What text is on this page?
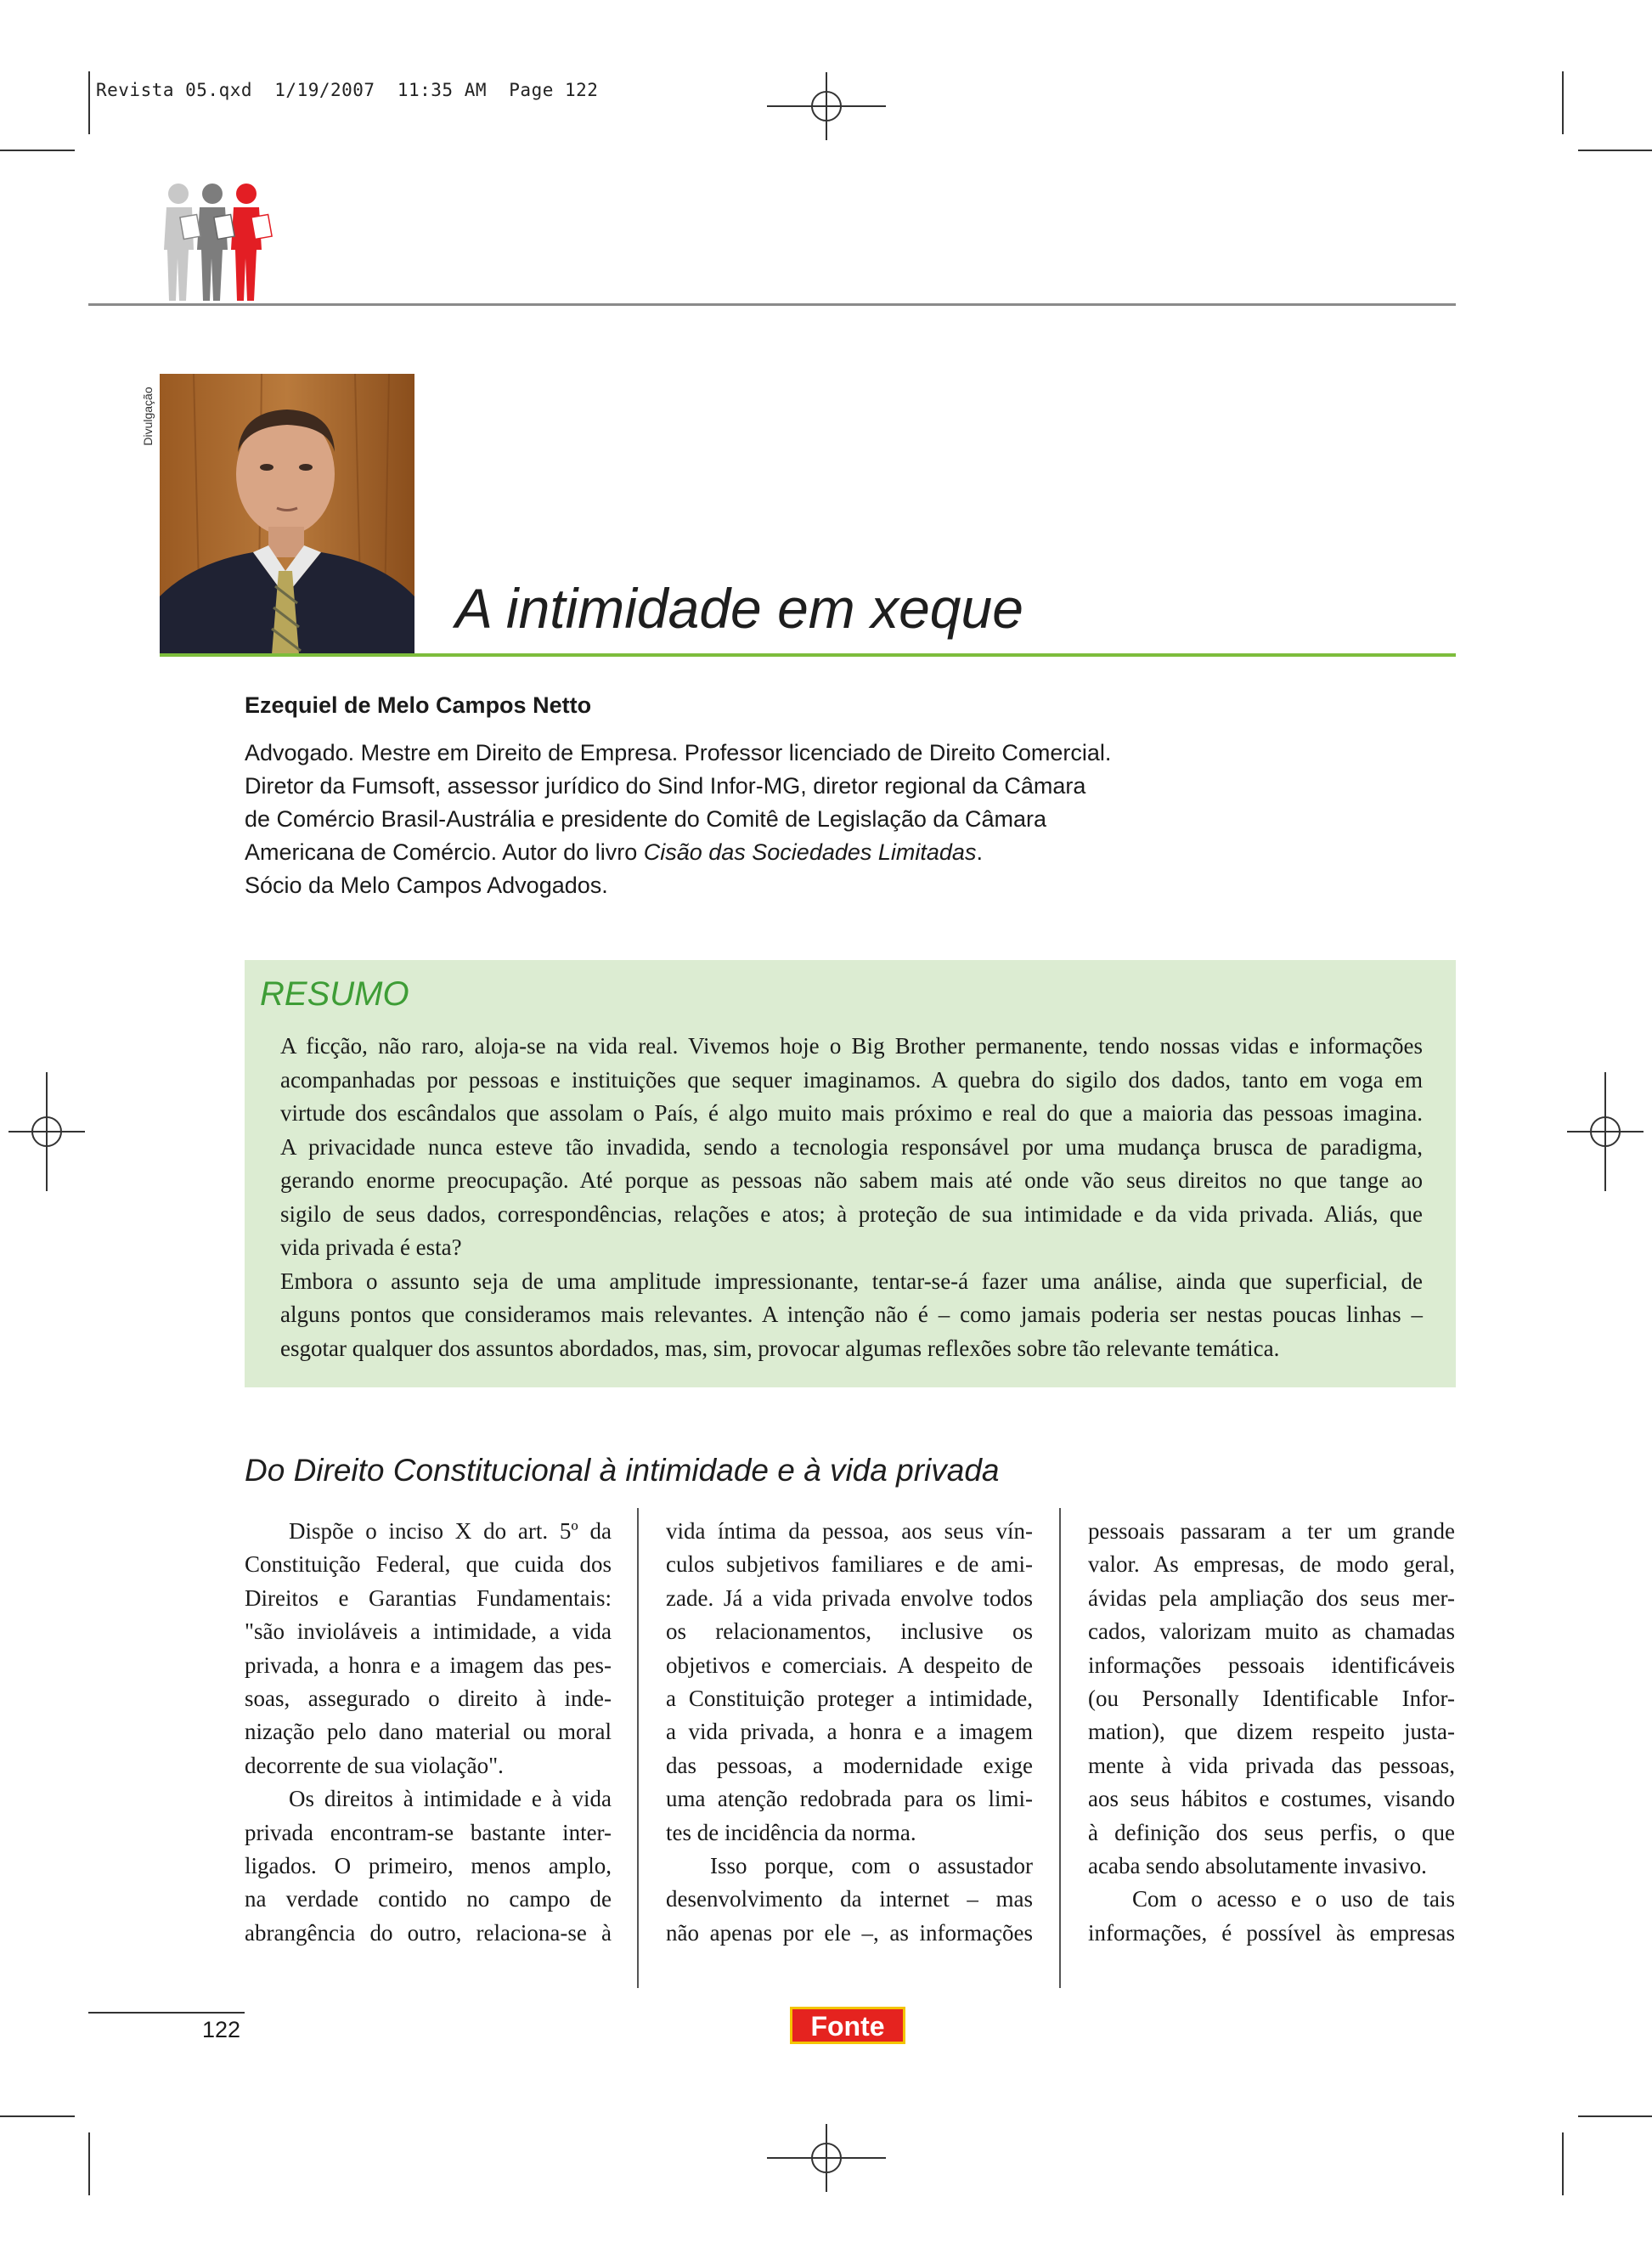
Revista 05.qxd  1/19/2007  11:35 AM  Page 122
Divulgação
A intimidade em xeque
Ezequiel de Melo Campos Netto
Advogado. Mestre em Direito de Empresa. Professor licenciado de Direito Comercial.
Diretor da Fumsoft, assessor jurídico do Sind Infor-MG, diretor regional da Câmara
de Comércio Brasil-Austrália e presidente do Comitê de Legislação da Câmara
Americana de Comércio. Autor do livro Cisão das Sociedades Limitadas.
Sócio da Melo Campos Advogados.
RESUMO
A ficção, não raro, aloja-se na vida real. Vivemos hoje o Big Brother permanente, tendo nossas vidas e informações
acompanhadas por pessoas e instituições que sequer imaginamos. A quebra do sigilo dos dados, tanto em voga em
virtude dos escândalos que assolam o País, é algo muito mais próximo e real do que a maioria das pessoas imagina.
A privacidade nunca esteve tão invadida, sendo a tecnologia responsável por uma mudança brusca de paradigma,
gerando enorme preocupação. Até porque as pessoas não sabem mais até onde vão seus direitos no que tange ao
sigilo de seus dados, correspondências, relações e atos; à proteção de sua intimidade e da vida privada. Aliás, que
vida privada é esta?
Embora o assunto seja de uma amplitude impressionante, tentar-se-á fazer uma análise, ainda que superficial, de
alguns pontos que consideramos mais relevantes. A intenção não é – como jamais poderia ser nestas poucas linhas –
esgotar qualquer dos assuntos abordados, mas, sim, provocar algumas reflexões sobre tão relevante temática.
Do Direito Constitucional à intimidade e à vida privada
Dispõe o inciso X do art. 5º da
Constituição Federal, que cuida dos
Direitos e Garantias Fundamentais:
"são invioláveis a intimidade, a vida
privada, a honra e a imagem das pes-
soas, assegurado o direito à inde-
nização pelo dano material ou moral
decorrente de sua violação".
Os direitos à intimidade e à vida
privada encontram-se bastante inter-
ligados. O primeiro, menos amplo,
na verdade contido no campo de
abrangência do outro, relaciona-se à
vida íntima da pessoa, aos seus vín-
culos subjetivos familiares e de ami-
zade. Já a vida privada envolve todos
os relacionamentos, inclusive os
objetivos e comerciais. A despeito de
a Constituição proteger a intimidade,
a vida privada, a honra e a imagem
das pessoas, a modernidade exige
uma atenção redobrada para os limi-
tes de incidência da norma.
Isso porque, com o assustador
desenvolvimento da internet – mas
não apenas por ele –, as informações
pessoais passaram a ter um grande
valor. As empresas, de modo geral,
ávidas pela ampliação dos seus mer-
cados, valorizam muito as chamadas
informações pessoais identificáveis
(ou Personally Identificable Infor-
mation), que dizem respeito justa-
mente à vida privada das pessoas,
aos seus hábitos e costumes, visando
à definição dos seus perfis, o que
acaba sendo absolutamente invasivo.
Com o acesso e o uso de tais
informações, é possível às empresas
122	Fonte
